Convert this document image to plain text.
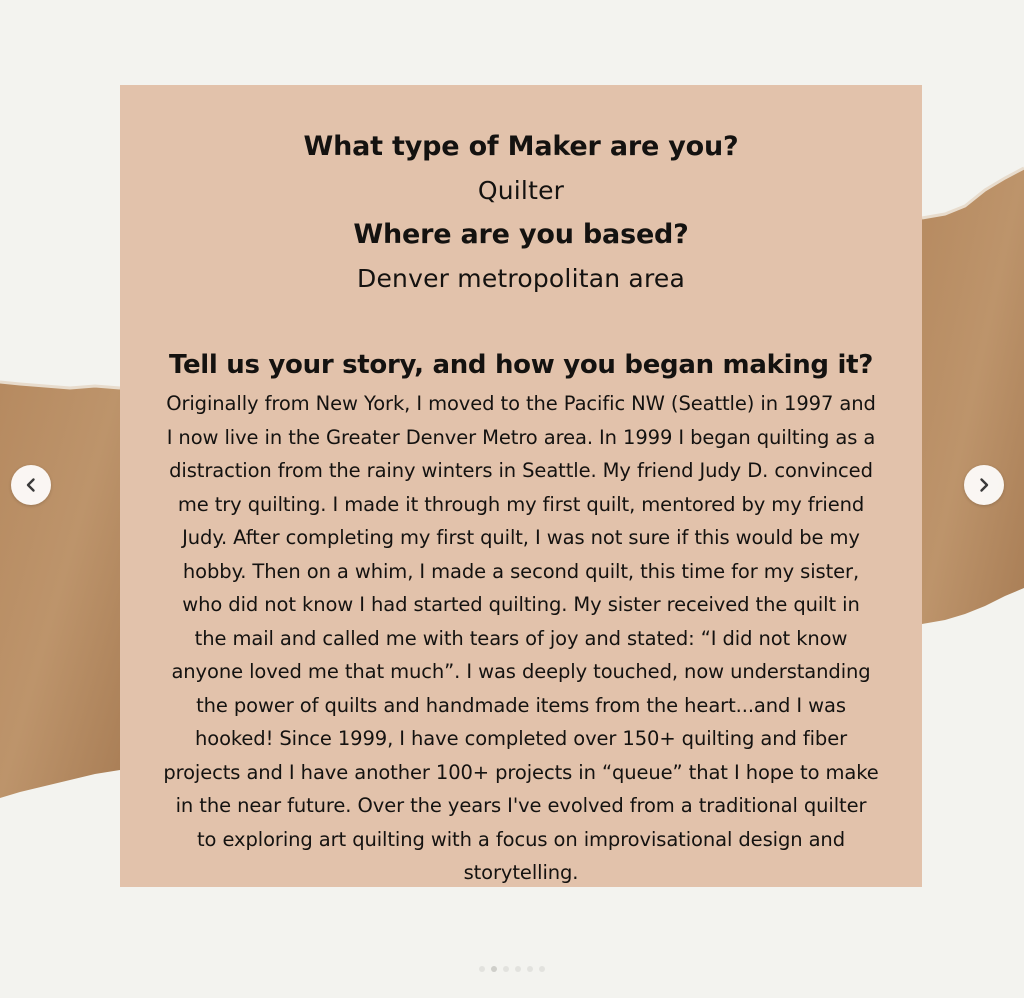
What type of Maker are you?

Quilter

Where are you based?

Denver metropolitan area

Tell us your story, and how you began making it?

Originally from New York, I moved to the Pacific NW (Seattle) in 1997 and
I now live in the Greater Denver Metro area. In 1999 I began quilting as a
distraction from the rainy winters in Seattle. My friend Judy D. convinced
me try quilting. I made it through my first quilt, mentored by my friend
Judy. After completing my first quilt, I was not sure if this would be my
hobby. Then on a whim, I made a second quilt, this time for my sister,
who did not know I had started quilting. My sister received the quilt in
the mail and called me with tears of joy and stated: “I did not know
anyone loved me that much”. I was deeply touched, now understanding
the power of quilts and handmade items from the heart...and I was
hooked! Since 1999, I have completed over 150+ quilting and fiber
projects and I have another 100+ projects in “queue” that I hope to make
in the near future. Over the years I've evolved from a traditional quilter
to exploring art quilting with a focus on improvisational design and
storytelling.
